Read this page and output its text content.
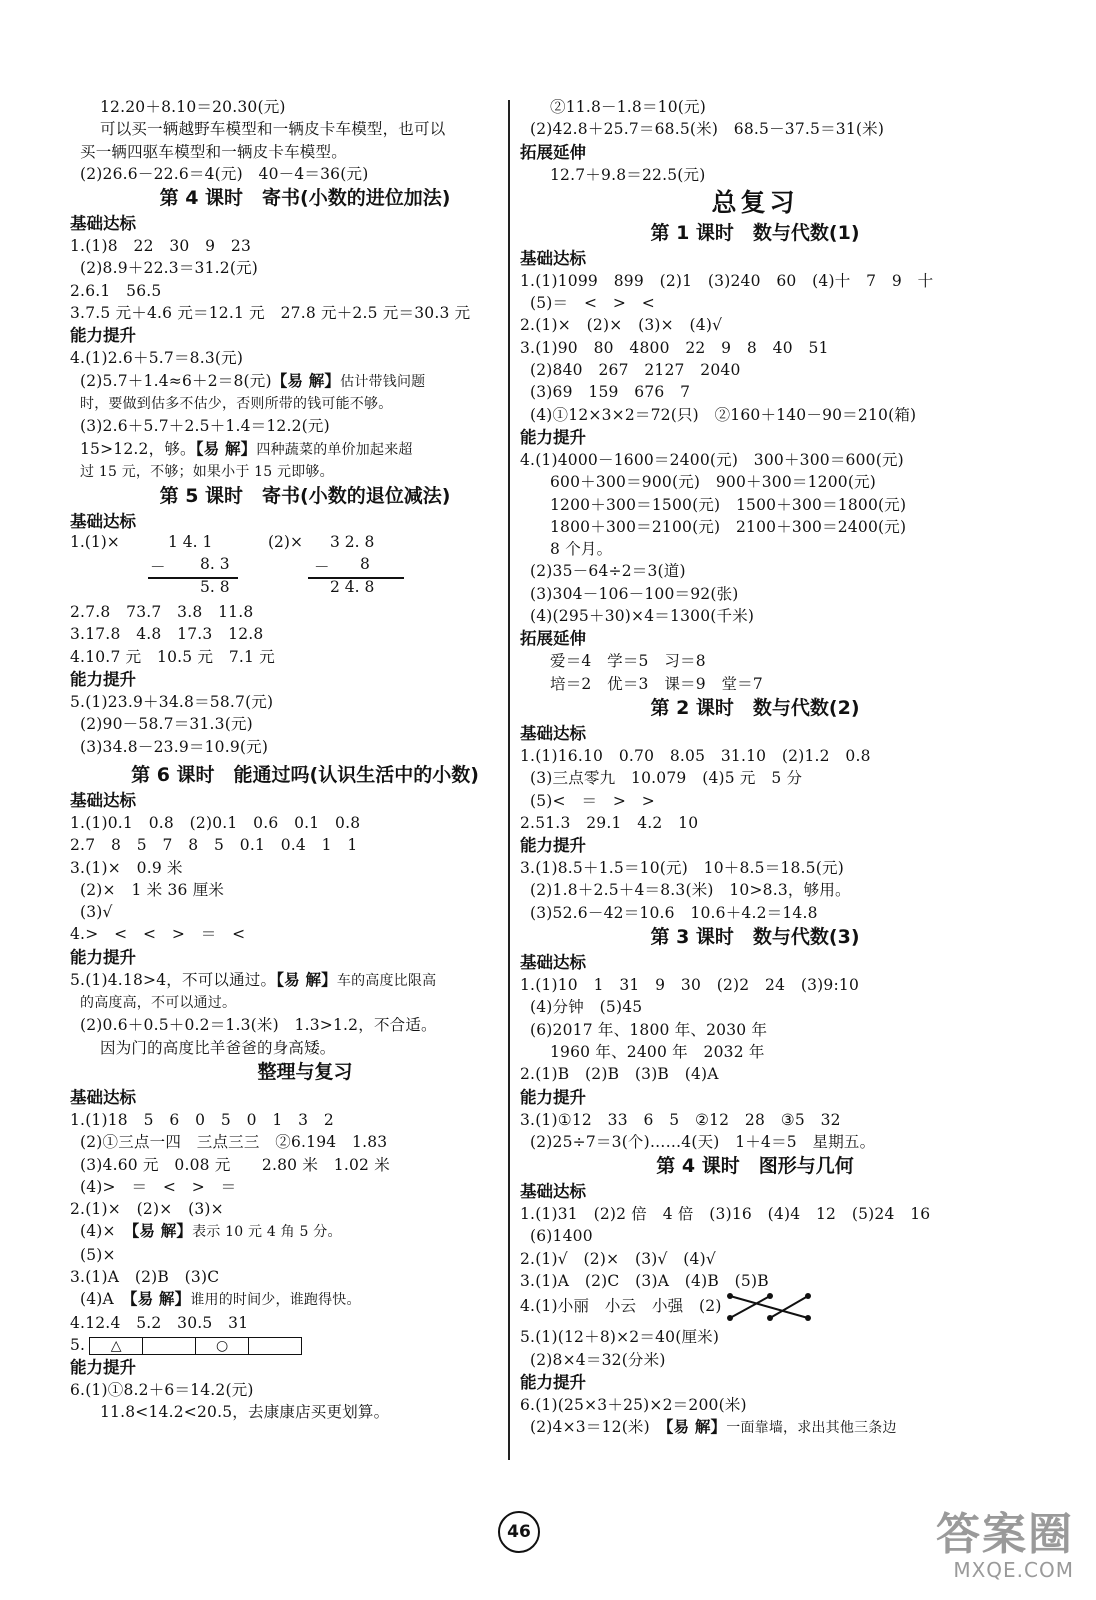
12.20＋8.10＝20.30(元)
可以买一辆越野车模型和一辆皮卡车模型，也可以
买一辆四驱车模型和一辆皮卡车模型。
(2)26.6－22.6＝4(元)　40－4＝36(元)
第 4 课时　寄书(小数的进位加法)
基础达标
1.(1)8　22　30　9　23
(2)8.9＋22.3＝31.2(元)
2.6.1　56.5
3.7.5 元＋4.6 元＝12.1 元　27.8 元＋2.5 元＝30.3 元
能力提升
4.(1)2.6＋5.7＝8.3(元)
(2)5.7＋1.4≈6＋2＝8(元)【易 解】估计带钱问题
时，要做到估多不估少，否则所带的钱可能不够。
(3)2.6＋5.7＋2.5＋1.4＝12.2(元)
15>12.2，够。【易 解】四种蔬菜的单价加起来超
过 15 元，不够；如果小于 15 元即够。
第 5 课时　寄书(小数的退位减法)
基础达标
1.(1)×	1 4. 1
－ 8. 3
5. 8
(2)× 3 2. 8
－ 8
2 4. 8
2.7.8　73.7　3.8　11.8
3.17.8　4.8　17.3　12.8
4.10.7 元　10.5 元　7.1 元
能力提升
5.(1)23.9＋34.8＝58.7(元)
(2)90－58.7＝31.3(元)
(3)34.8－23.9＝10.9(元)
第 6 课时　能通过吗(认识生活中的小数)
基础达标
1.(1)0.1　0.8　(2)0.1　0.6　0.1　0.8
2.7　8　5　7　8　5　0.1　0.4　1　1
3.(1)×　0.9 米
(2)×　1 米 36 厘米
(3)√
4.>　<　<　>　＝　<
能力提升
5.(1)4.18>4，不可以通过。【易 解】车的高度比限高
的高度高，不可以通过。
(2)0.6＋0.5＋0.2＝1.3(米)　1.3>1.2，不合适。
因为门的高度比羊爸爸的身高矮。
整理与复习
基础达标
1.(1)18　5　6　0　5　0　1　3　2
(2)①三点一四　三点三三　②6.194　1.83
(3)4.60 元　0.08 元　　2.80 米　1.02 米
(4)>　＝　<　>　＝
2.(1)×　(2)×　(3)×
(4)×　 【易 解】表示 10 元 4 角 5 分。
(5)×
3.(1)A　(2)B　(3)C
(4)A　 【易 解】谁用的时间少，谁跑得快。
4.12.4　5.2　30.5　31
5. △		○	
能力提升
6.(1)①8.2＋6＝14.2(元)
11.8<14.2<20.5，去康康店买更划算。
②11.8－1.8＝10(元)
(2)42.8＋25.7＝68.5(米)　68.5－37.5＝31(米)
拓展延伸
12.7＋9.8＝22.5(元)
总复习
第 1 课时　数与代数(1)
基础达标
1.(1)1099　899　(2)1　(3)240　60　(4)十　7　9　十
(5)＝　<　>　<
2.(1)×　(2)×　(3)×　(4)√
3.(1)90　80　4800　22　9　8　40　51
(2)840　267　2127　2040
(3)69　159　676　7
(4)①12×3×2＝72(只)　②160＋140－90＝210(箱)
能力提升
4.(1)4000－1600＝2400(元)　300＋300＝600(元)
600＋300＝900(元)　900＋300＝1200(元)
1200＋300＝1500(元)　1500＋300＝1800(元)
1800＋300＝2100(元)　2100＋300＝2400(元)
8 个月。
(2)35－64÷2＝3(道)
(3)304－106－100＝92(张)
(4)(295＋30)×4＝1300(千米)
拓展延伸
爱＝4　学＝5　习＝8
培＝2　优＝3　课＝9　堂＝7
第 2 课时　数与代数(2)
基础达标
1.(1)16.10　0.70　8.05　31.10　(2)1.2　0.8
(3)三点零九　10.079　(4)5 元　5 分
(5)<　＝　>　>
2.51.3　29.1　4.2　10
能力提升
3.(1)8.5＋1.5＝10(元)　10＋8.5＝18.5(元)
(2)1.8＋2.5＋4＝8.3(米)　10>8.3，够用。
(3)52.6－42＝10.6　10.6＋4.2＝14.8
第 3 课时　数与代数(3)
基础达标
1.(1)10　1　31　9　30　(2)2　24　(3)9:10
(4)分钟　(5)45
(6)2017 年、1800 年、2030 年
1960 年、2400 年　2032 年
2.(1)B　(2)B　(3)B　(4)A
能力提升
3.(1)①12　33　6　5　②12　28　③5　32
(2)25÷7＝3(个)……4(天)　1＋4＝5　星期五。
第 4 课时　图形与几何
基础达标
1.(1)31　(2)2 倍　4 倍　(3)16　(4)4　12　(5)24　16
(6)1400
2.(1)√　(2)×　(3)√　(4)√
3.(1)A　(2)C　(3)A　(4)B　(5)B
4.(1)小丽　小云　小强　(2)
5.(1)(12＋8)×2＝40(厘米)
(2)8×4＝32(分米)
能力提升
6.(1)(25×3＋25)×2＝200(米)
(2)4×3＝12(米)　 【易 解】一面靠墙，求出其他三条边
46	答案圈
MXQE.COM
